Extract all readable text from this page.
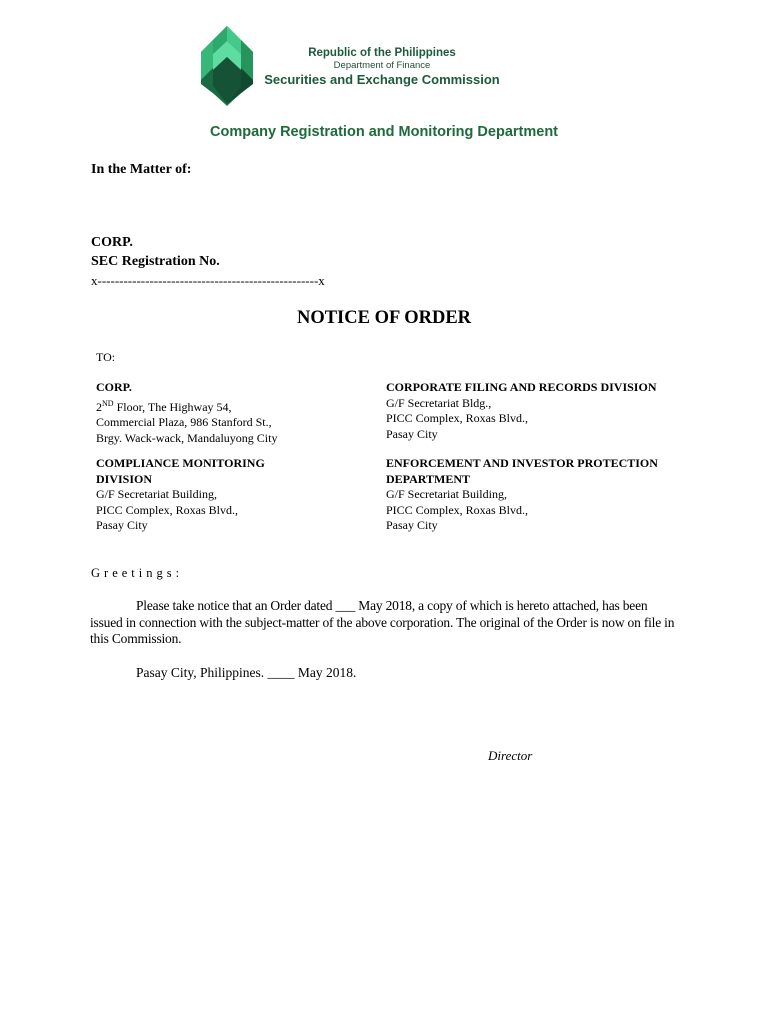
Republic of the Philippines
Department of Finance
Securities and Exchange Commission
Company Registration and Monitoring Department
In the Matter of:
CORP.
SEC Registration No.
x---------------------------------------------------x
NOTICE OF ORDER
TO:
CORP.
2ND Floor, The Highway 54,
Commercial Plaza, 986 Stanford St.,
Brgy. Wack-wack, Mandaluyong City
CORPORATE FILING AND RECORDS DIVISION
G/F Secretariat Bldg.,
PICC Complex, Roxas Blvd.,
Pasay City
COMPLIANCE MONITORING
DIVISION
G/F Secretariat Building,
PICC Complex, Roxas Blvd.,
Pasay City
ENFORCEMENT AND INVESTOR PROTECTION
DEPARTMENT
G/F Secretariat Building,
PICC Complex, Roxas Blvd.,
Pasay City
Greetings:
Please take notice that an Order dated ___ May 2018, a copy of which is hereto attached, has been issued in connection with the subject-matter of the above corporation. The original of the Order is now on file in this Commission.
Pasay City, Philippines. ____ May 2018.
Director
